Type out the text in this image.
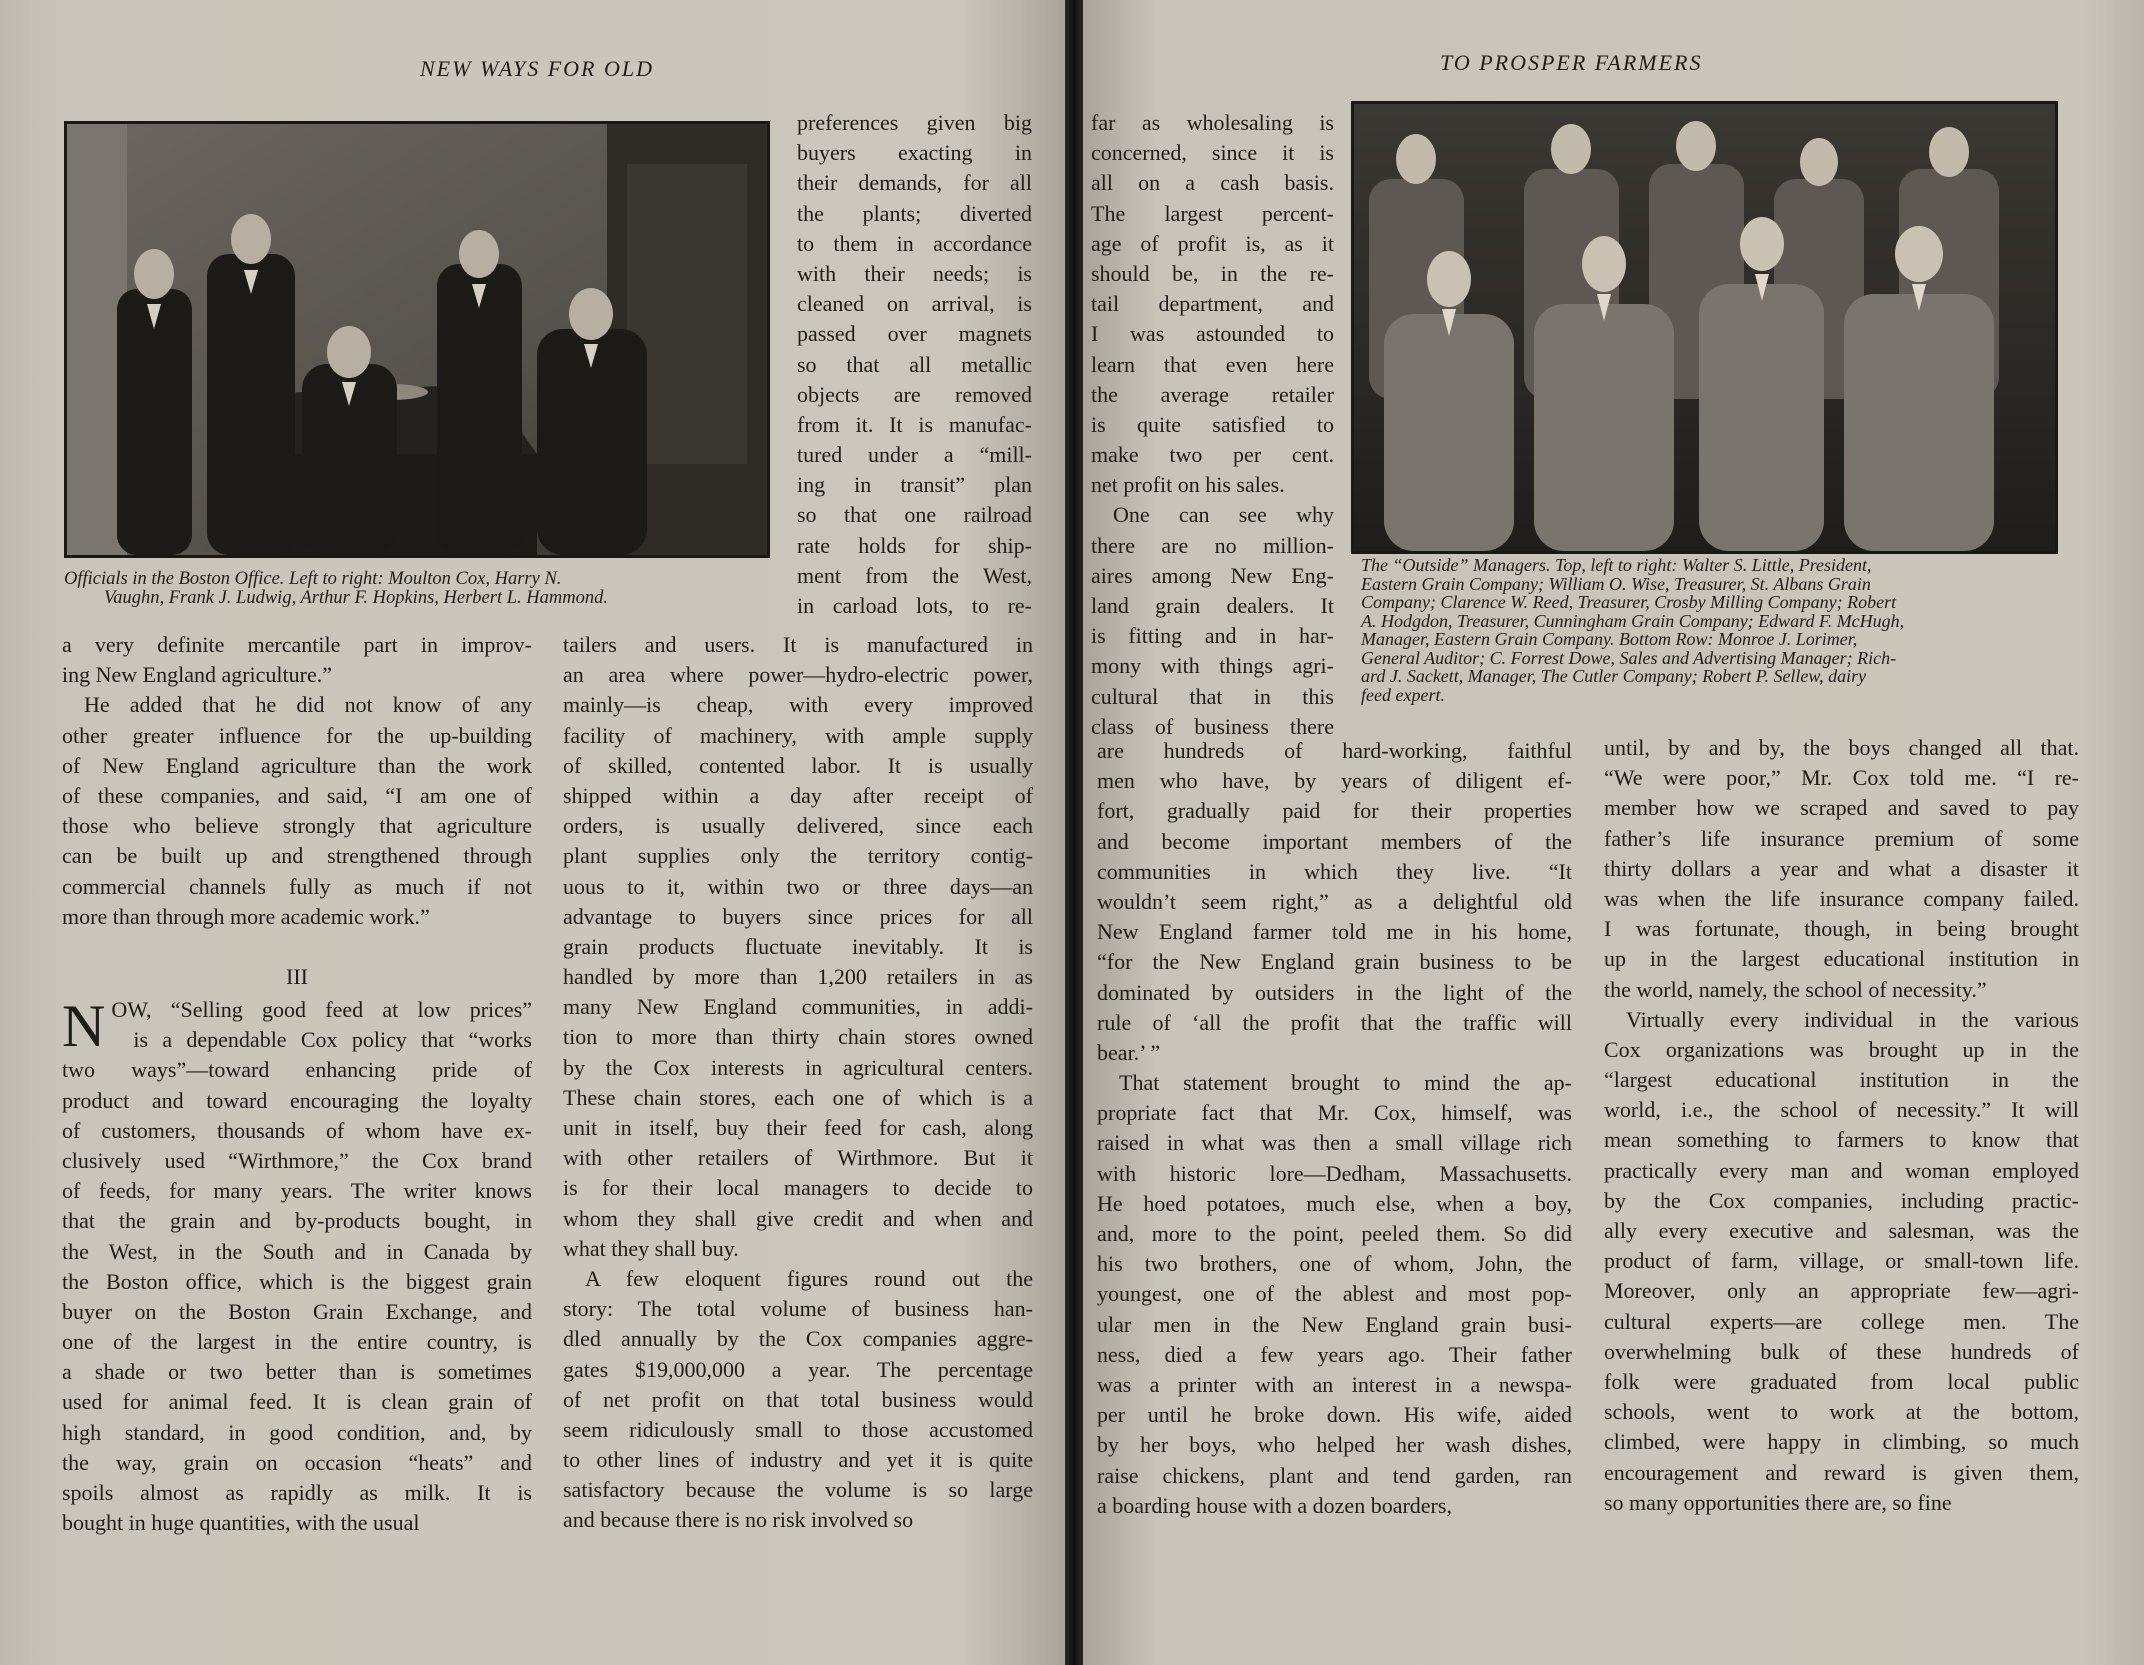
NEW WAYS FOR OLD
Officials in the Boston Office. Left to right: Moulton Cox, Harry N.
Vaughn, Frank J. Ludwig, Arthur F. Hopkins, Herbert L. Hammond.
preferences given big
buyers exacting in
their demands, for all
the plants; diverted
to them in accordance
with their needs; is
cleaned on arrival, is
passed over magnets
so that all metallic
objects are removed
from it. It is manufac-
tured under a “mill-
ing in transit” plan
so that one railroad
rate holds for ship-
ment from the West,
in carload lots, to re-
a very definite mercantile part in improv-
ing New England agriculture.”
He added that he did not know of any
other greater influence for the up-building
of New England agriculture than the work
of these companies, and said, “I am one of
those who believe strongly that agriculture
can be built up and strengthened through
commercial channels fully as much if not
more than through more academic work.”
III
N OW, “Selling good feed at low prices”
is a dependable Cox policy that “works
two ways”—toward enhancing pride of
product and toward encouraging the loyalty
of customers, thousands of whom have ex-
clusively used “Wirthmore,” the Cox brand
of feeds, for many years. The writer knows
that the grain and by-products bought, in
the West, in the South and in Canada by
the Boston office, which is the biggest grain
buyer on the Boston Grain Exchange, and
one of the largest in the entire country, is
a shade or two better than is sometimes
used for animal feed. It is clean grain of
high standard, in good condition, and, by
the way, grain on occasion “heats” and
spoils almost as rapidly as milk. It is
bought in huge quantities, with the usual
tailers and users. It is manufactured in
an area where power—hydro-electric power,
mainly—is cheap, with every improved
facility of machinery, with ample supply
of skilled, contented labor. It is usually
shipped within a day after receipt of
orders, is usually delivered, since each
plant supplies only the territory contig-
uous to it, within two or three days—an
advantage to buyers since prices for all
grain products fluctuate inevitably. It is
handled by more than 1,200 retailers in as
many New England communities, in addi-
tion to more than thirty chain stores owned
by the Cox interests in agricultural centers.
These chain stores, each one of which is a
unit in itself, buy their feed for cash, along
with other retailers of Wirthmore. But it
is for their local managers to decide to
whom they shall give credit and when and
what they shall buy.
A few eloquent figures round out the
story: The total volume of business han-
dled annually by the Cox companies aggre-
gates $19,000,000 a year. The percentage
of net profit on that total business would
seem ridiculously small to those accustomed
to other lines of industry and yet it is quite
satisfactory because the volume is so large
and because there is no risk involved so
TO PROSPER FARMERS
The “Outside” Managers. Top, left to right: Walter S. Little, President,
Eastern Grain Company; William O. Wise, Treasurer, St. Albans Grain
Company; Clarence W. Reed, Treasurer, Crosby Milling Company; Robert
A. Hodgdon, Treasurer, Cunningham Grain Company; Edward F. McHugh,
Manager, Eastern Grain Company. Bottom Row: Monroe J. Lorimer,
General Auditor; C. Forrest Dowe, Sales and Advertising Manager; Rich-
ard J. Sackett, Manager, The Cutler Company; Robert P. Sellew, dairy
feed expert.
far as wholesaling is
concerned, since it is
all on a cash basis.
The largest percent-
age of profit is, as it
should be, in the re-
tail department, and
I was astounded to
learn that even here
the average retailer
is quite satisfied to
make two per cent.
net profit on his sales.
One can see why
there are no million-
aires among New Eng-
land grain dealers. It
is fitting and in har-
mony with things agri-
cultural that in this
class of business there
are hundreds of hard-working, faithful
men who have, by years of diligent ef-
fort, gradually paid for their properties
and become important members of the
communities in which they live. “It
wouldn’t seem right,” as a delightful old
New England farmer told me in his home,
“for the New England grain business to be
dominated by outsiders in the light of the
rule of ‘all the profit that the traffic will
bear.’ ”
That statement brought to mind the ap-
propriate fact that Mr. Cox, himself, was
raised in what was then a small village rich
with historic lore—Dedham, Massachusetts.
He hoed potatoes, much else, when a boy,
and, more to the point, peeled them. So did
his two brothers, one of whom, John, the
youngest, one of the ablest and most pop-
ular men in the New England grain busi-
ness, died a few years ago. Their father
was a printer with an interest in a newspa-
per until he broke down. His wife, aided
by her boys, who helped her wash dishes,
raise chickens, plant and tend garden, ran
a boarding house with a dozen boarders,
until, by and by, the boys changed all that.
“We were poor,” Mr. Cox told me. “I re-
member how we scraped and saved to pay
father’s life insurance premium of some
thirty dollars a year and what a disaster it
was when the life insurance company failed.
I was fortunate, though, in being brought
up in the largest educational institution in
the world, namely, the school of necessity.”
Virtually every individual in the various
Cox organizations was brought up in the
“largest educational institution in the
world, i.e., the school of necessity.” It will
mean something to farmers to know that
practically every man and woman employed
by the Cox companies, including practic-
ally every executive and salesman, was the
product of farm, village, or small-town life.
Moreover, only an appropriate few—agri-
cultural experts—are college men. The
overwhelming bulk of these hundreds of
folk were graduated from local public
schools, went to work at the bottom,
climbed, were happy in climbing, so much
encouragement and reward is given them,
so many opportunities there are, so fine
